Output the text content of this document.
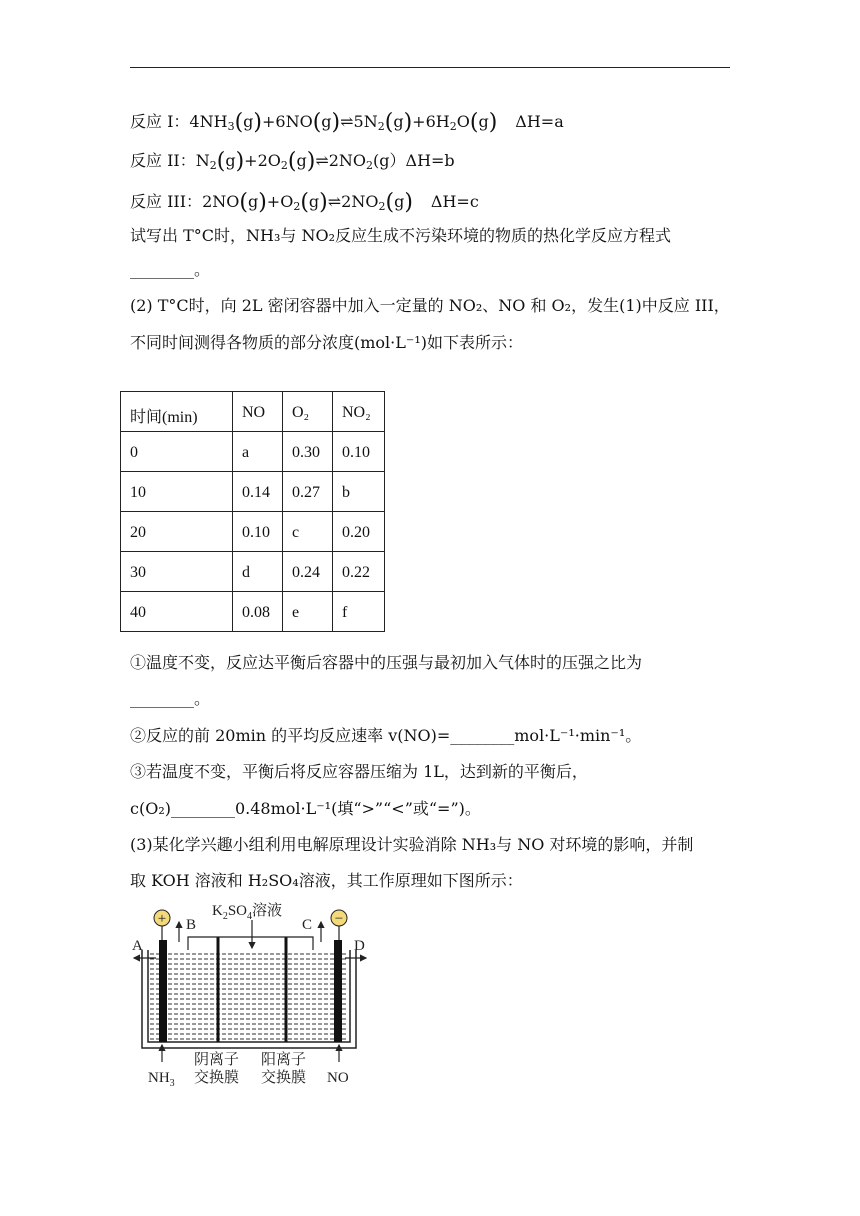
反应 I：$4NH_3(g)+6NO(g)\rightleftharpoons 5N_2(g)+6H_2O(g)$ ΔH=a
反应 II：$N_2(g)+2O_2(g)\rightleftharpoons 2NO_2(g)\Delta H=b$
反应 III：$2NO(g)+O_2(g)\rightleftharpoons 2NO_2(g)$ ΔH=c
试写出 T°C时，NH₃与 NO₂反应生成不污染环境的物质的热化学反应方程式
________。
(2) T°C时，向 2L 密闭容器中加入一定量的 NO₂、NO 和 O₂，发生(1)中反应 III，
不同时间测得各物质的部分浓度(mol·L⁻¹)如下表所示：
时间(min)	NO	O₂	NO₂
0	a	0.30	0.10
10	0.14	0.27	b
20	0.10	c	0.20
30	d	0.24	0.22
40	0.08	e	f
①温度不变，反应达平衡后容器中的压强与最初加入气体时的压强之比为
________。
②反应的前 20min 的平均反应速率 v(NO)=________mol·L⁻¹·min⁻¹。
③若温度不变，平衡后将反应容器压缩为 1L，达到新的平衡后，
c(O₂)________0.48mol·L⁻¹(填“>”“<”或“=”)。
(3)某化学兴趣小组利用电解原理设计实验消除 NH₃与 NO 对环境的影响，并制
取 KOH 溶液和 H₂SO₄溶液，其工作原理如下图所示：
+	−
$K_2SO_4$溶液
B	C
A	D
$NH_3$	NO
阴离子
交换膜
阳离子
交换膜
